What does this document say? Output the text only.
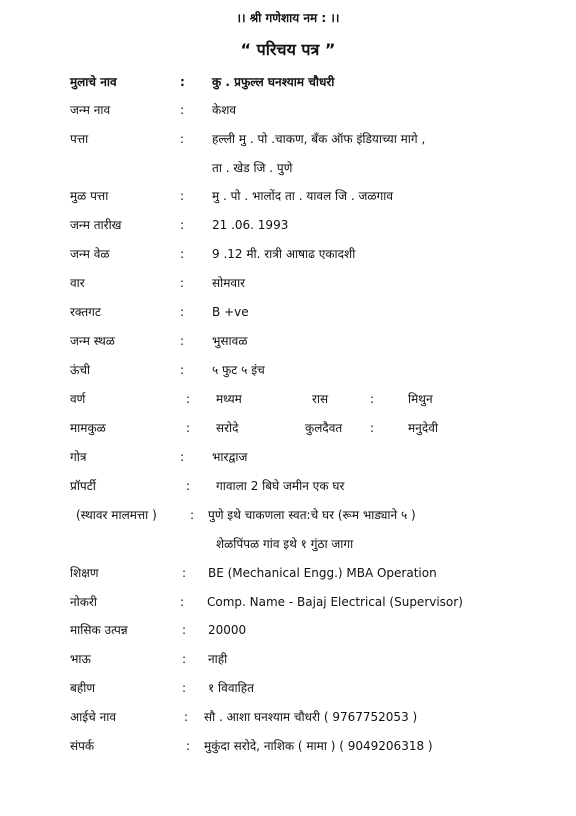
।। श्री गणेशाय नम : ।।
“ परिचय पत्र ”
मुलाचे नाव	: कु . प्रफुल्ल घनश्याम चौधरी
जन्म नाव	: केशव
पत्ता	: हल्ली मु . पो .चाकण, बँक ऑफ इंडियाच्या मागे ,
ता . खेड जि . पुणे
मुळ पत्ता	: मु . पो . भालोंद ता . यावल जि . जळगाव
जन्म तारीख	: 21 .06. 1993
जन्म वेळ	: 9 .12 मी. रात्री आषाढ एकादशी
वार	: सोमवार
रक्तगट	: B +ve
जन्म स्थळ	: भुसावळ
ऊंची	: ५ फुट ५ इंच
वर्ण	: मध्यम	रास	:	मिथुन
मामकुळ	: सरोदे	कुलदैवत :	मनुदेवी
गोत्र	: भारद्वाज
प्रॉपर्टी	: गावाला 2 बिघे जमीन एक घर
(स्थावर मालमत्ता )	: पुणे इथे चाकणला स्वत:चे घर (रूम भाड्याने ५ )
शेळपिंपळ गांव इथे १ गुंठा जागा
शिक्षण	: BE (Mechanical Engg.) MBA Operation
नोकरी	: Comp. Name - Bajaj Electrical (Supervisor)
मासिक उत्पन्न	: 20000
भाऊ	: नाही
बहीण	: १ विवाहित
आईचे नाव	: सौ . आशा घनश्याम चौधरी ( 9767752053 )
संपर्क	: मुकुंदा सरोदे, नाशिक ( मामा ) ( 9049206318 )
